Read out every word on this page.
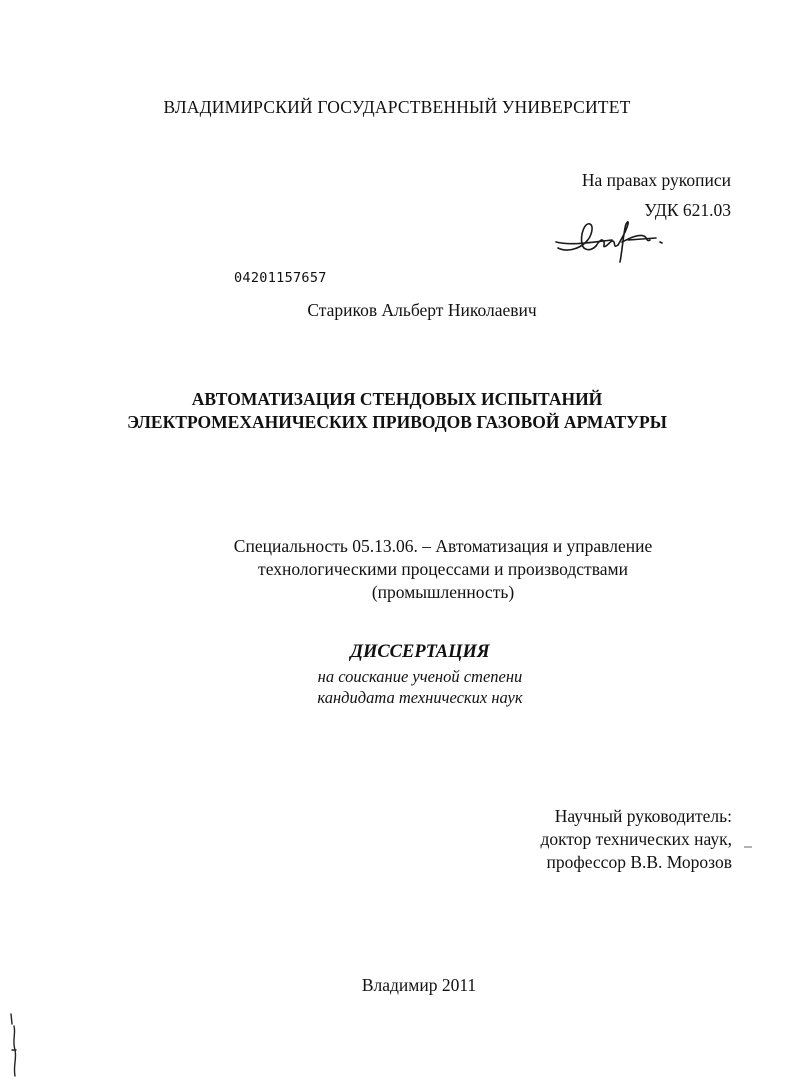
ВЛАДИМИРСКИЙ ГОСУДАРСТВЕННЫЙ УНИВЕРСИТЕТ
На правах рукописи
УДК 621.03
04201157657
Стариков Альберт Николаевич
АВТОМАТИЗАЦИЯ СТЕНДОВЫХ ИСПЫТАНИЙ
ЭЛЕКТРОМЕХАНИЧЕСКИХ ПРИВОДОВ ГАЗОВОЙ АРМАТУРЫ
Специальность 05.13.06. – Автоматизация и управление
технологическими процессами и производствами
(промышленность)
ДИССЕРТАЦИЯ
на соискание ученой степени
кандидата технических наук
Научный руководитель:
доктор технических наук,
профессор В.В. Морозов
Владимир 2011
